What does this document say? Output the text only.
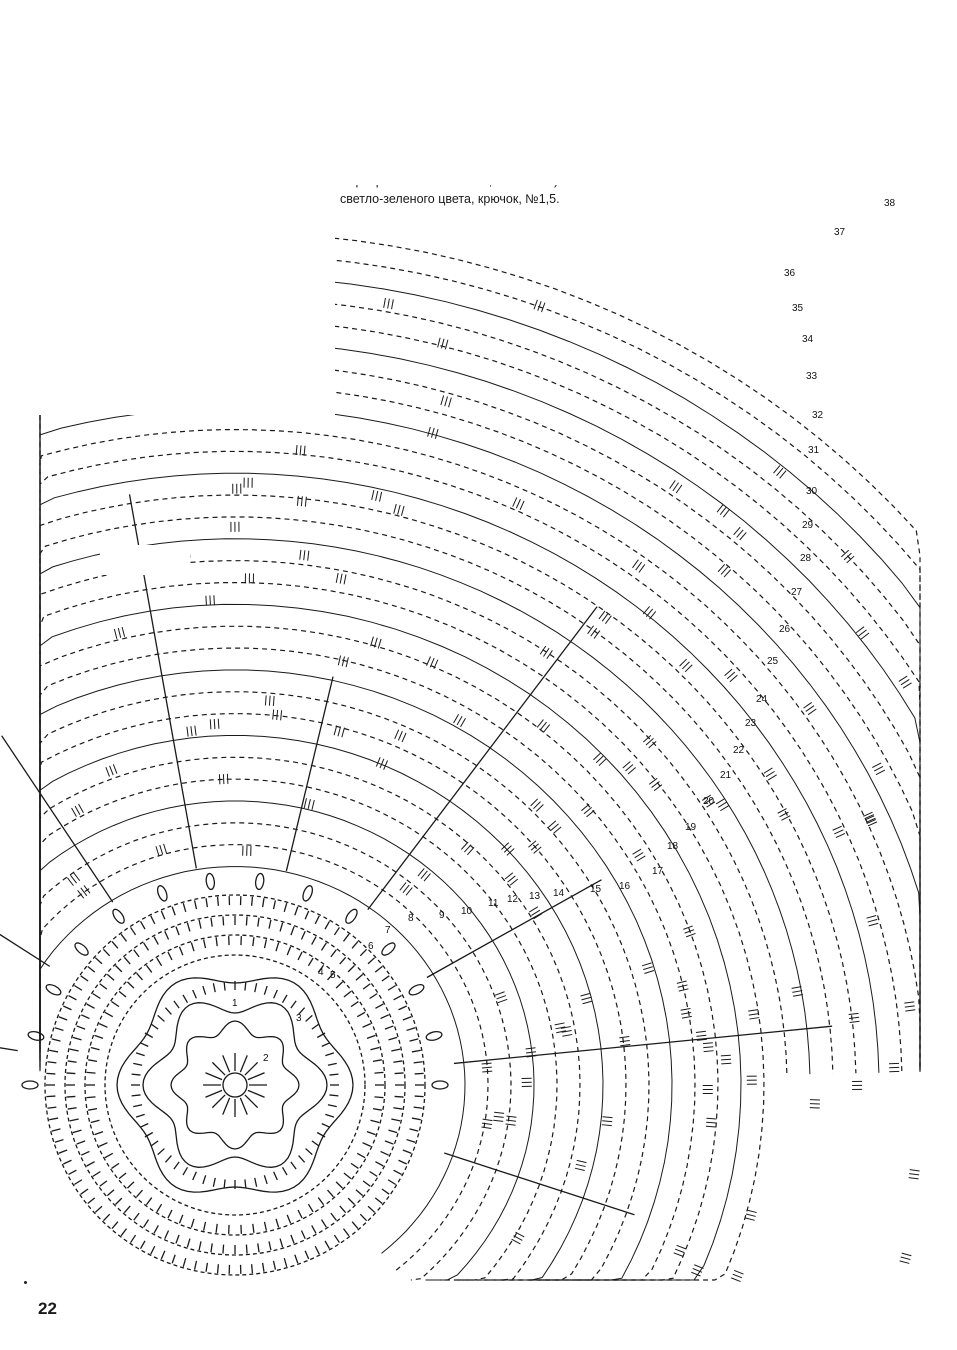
светло-зеленого цвета, крючок, №1,5.

1
2
3
4 5
6
7
8	9 10
11 12 13 14	15 16
17
18
19
20
21
22
23
24
25
26
27
28
29
30
31
32
33
34
35
36
37
38
22
